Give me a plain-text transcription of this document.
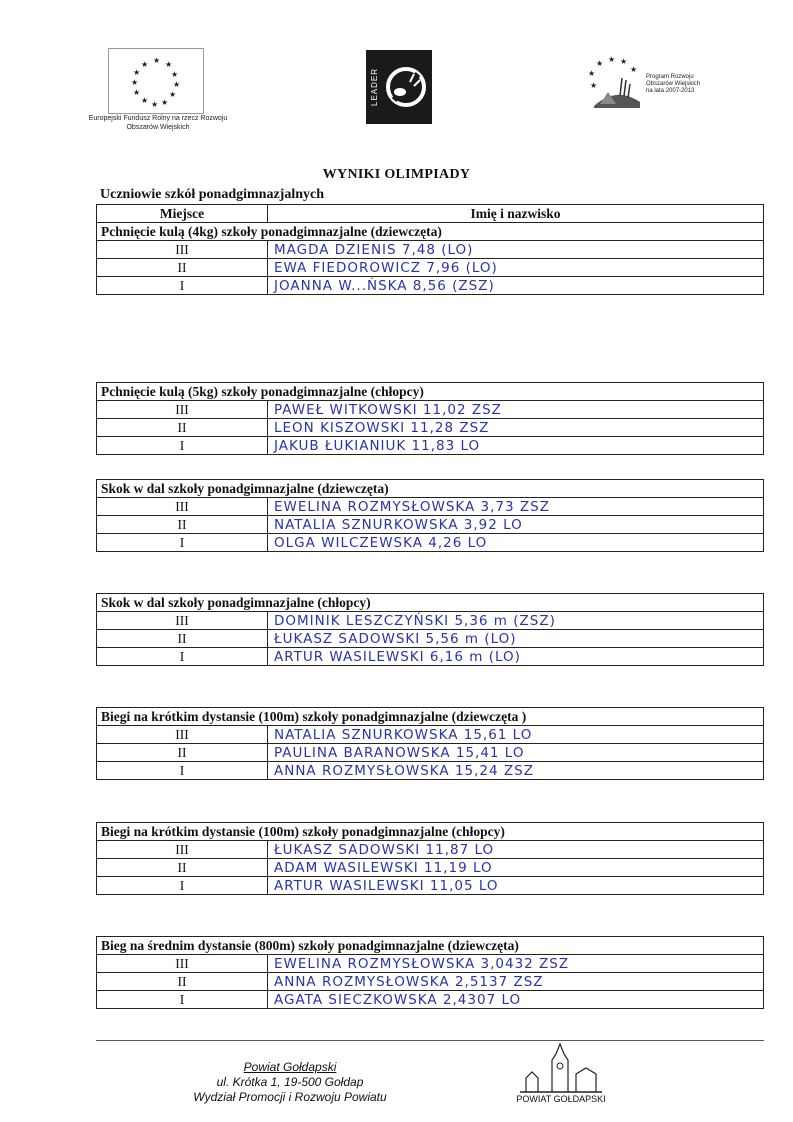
★ ★
★
★
★
★
★
★
★
★
★
★
Europejski Fundusz Rolny na rzecz Rozwoju Obszarów Wiejskich
LEADER	★
★ ★ ★
★
★
Program Rozwoju Obszarów Wiejskich na lata 2007-2013
WYNIKI OLIMPIADY
Uczniowie szkół ponadgimnazjalnych
Miejsce	Imię i nazwisko
Pchnięcie kulą (4kg) szkoły ponadgimnazjalne (dziewczęta)	
III	MAGDA DZIENIS 7,48 (LO)
II	EWA FIEDOROWICZ 7,96 (LO)
I	JOANNA W...ŃSKA 8,56 (ZSZ)
Pchnięcie kulą (5kg) szkoły ponadgimnazjalne (chłopcy)	
III	PAWEŁ WITKOWSKI 11,02 ZSZ
II	LEON KISZOWSKI 11,28 ZSZ
I	JAKUB ŁUKIANIUK 11,83 LO
Skok w dal szkoły ponadgimnazjalne (dziewczęta)	
III	EWELINA ROZMYSŁOWSKA 3,73 ZSZ
II	NATALIA SZNURKOWSKA 3,92 LO
I	OLGA WILCZEWSKA 4,26 LO
Skok w dal szkoły ponadgimnazjalne (chłopcy)	
III	DOMINIK LESZCZYŃSKI 5,36 m (ZSZ)
II	ŁUKASZ SADOWSKI 5,56 m (LO)
I	ARTUR WASILEWSKI 6,16 m (LO)
Biegi na krótkim dystansie (100m) szkoły ponadgimnazjalne (dziewczęta )	
III	NATALIA SZNURKOWSKA 15,61 LO
II	PAULINA BARANOWSKA 15,41 LO
I	ANNA ROZMYSŁOWSKA 15,24 ZSZ
Biegi na krótkim dystansie (100m) szkoły ponadgimnazjalne (chłopcy)	
III	ŁUKASZ SADOWSKI 11,87 LO
II	ADAM WASILEWSKI 11,19 LO
I	ARTUR WASILEWSKI 11,05 LO
Bieg na średnim dystansie (800m) szkoły ponadgimnazjalne (dziewczęta)	
III	EWELINA ROZMYSŁOWSKA 3,0432 ZSZ
II	ANNA ROZMYSŁOWSKA 2,5137 ZSZ
I	AGATA SIECZKOWSKA 2,4307 LO
Powiat Gołdapski
ul. Krótka 1, 19-500 Gołdap
Wydział Promocji i Rozwoju Powiatu	POWIAT GOŁDAPSKI
